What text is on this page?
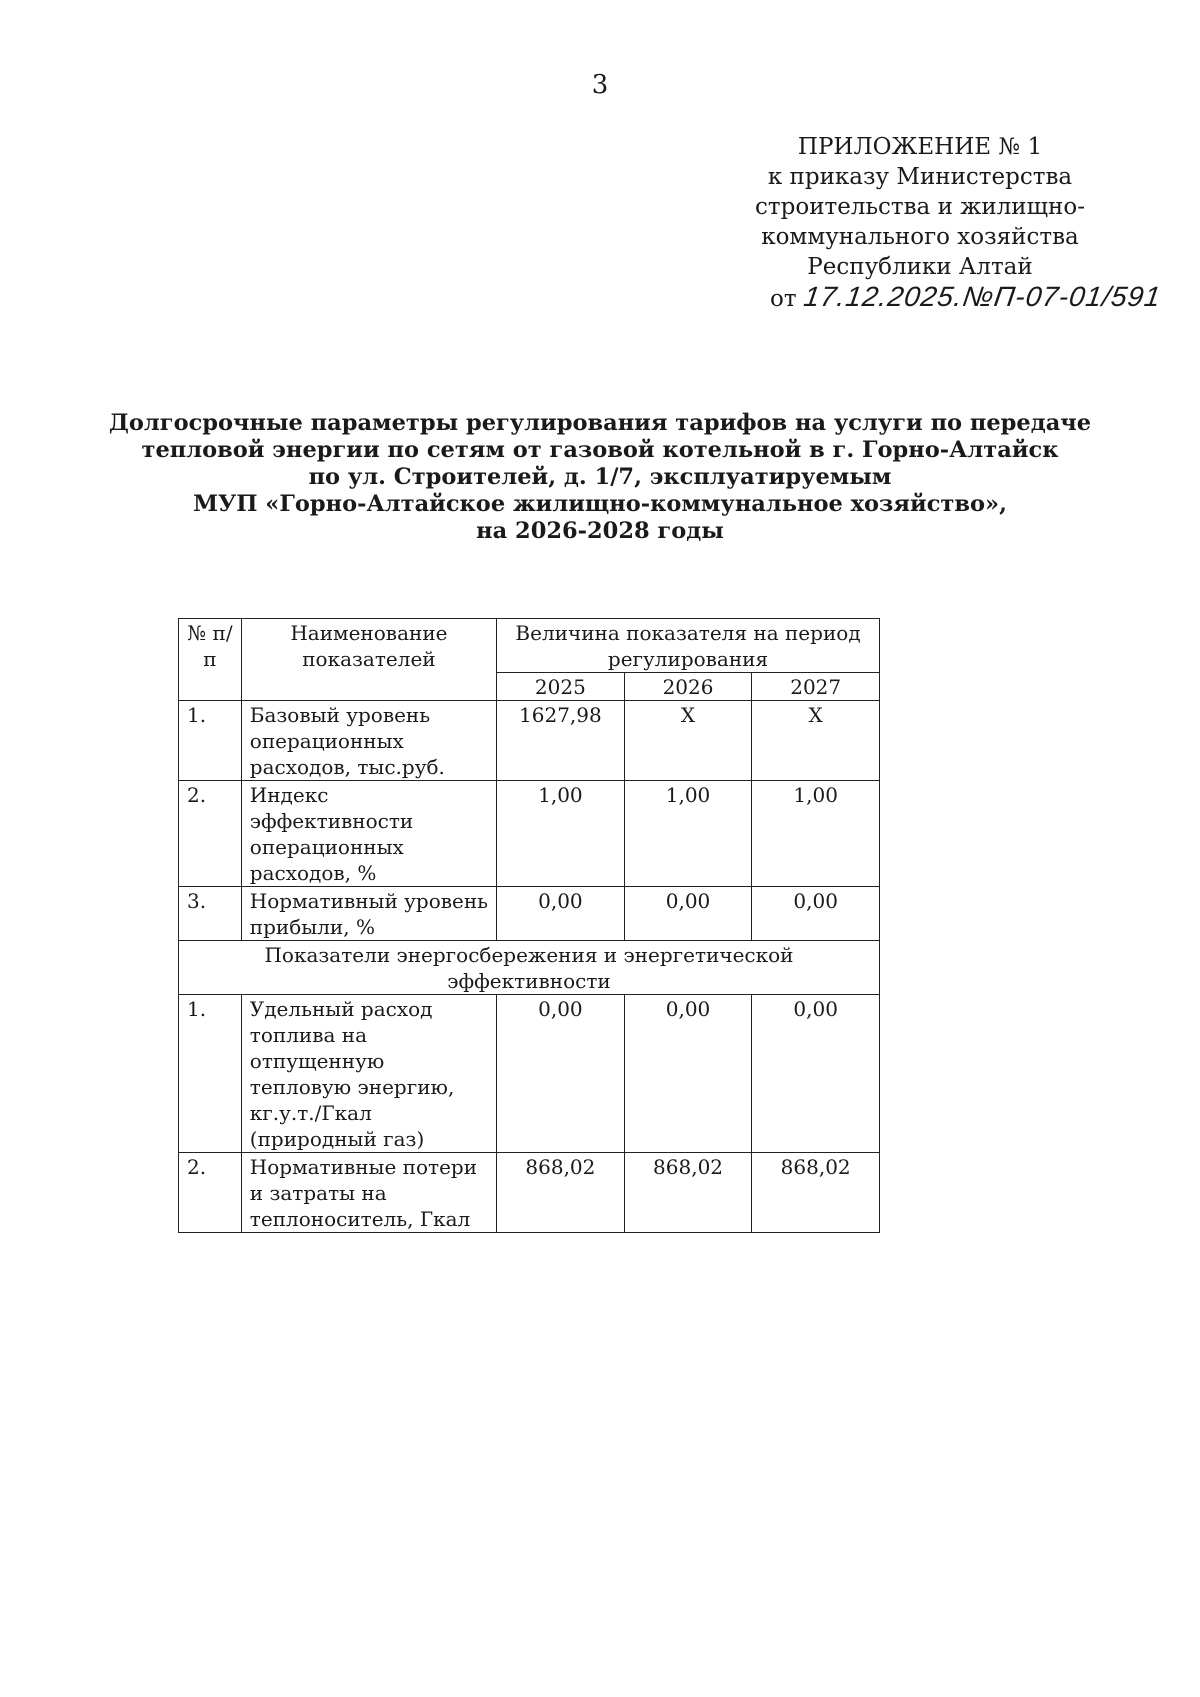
3
ПРИЛОЖЕНИЕ № 1
к приказу Министерства
строительства и жилищно-
коммунального хозяйства
Республики Алтай
от 17.12.2025.№П-07-01/591
Долгосрочные параметры регулирования тарифов на услуги по передаче
тепловой энергии по сетям от газовой котельной в г. Горно-Алтайск
по ул. Строителей, д. 1/7, эксплуатируемым
МУП «Горно-Алтайское жилищно-коммунальное хозяйство»,
на 2026-2028 годы
№ п/п	Наименование показателей	Величина показателя на период регулирования		
		2025	2026	2027
1.	Базовый уровень операционных расходов, тыс.руб.	1627,98	Х	Х
2.	Индекс эффективности операционных расходов, %	1,00	1,00	1,00
3.	Нормативный уровень прибыли, %	0,00	0,00	0,00
Показатели энергосбережения и энергетической эффективности				
1.	Удельный расход топлива на отпущенную тепловую энергию, кг.у.т./Гкал (природный газ)	0,00	0,00	0,00
2.	Нормативные потери и затраты на теплоноситель, Гкал	868,02	868,02	868,02
